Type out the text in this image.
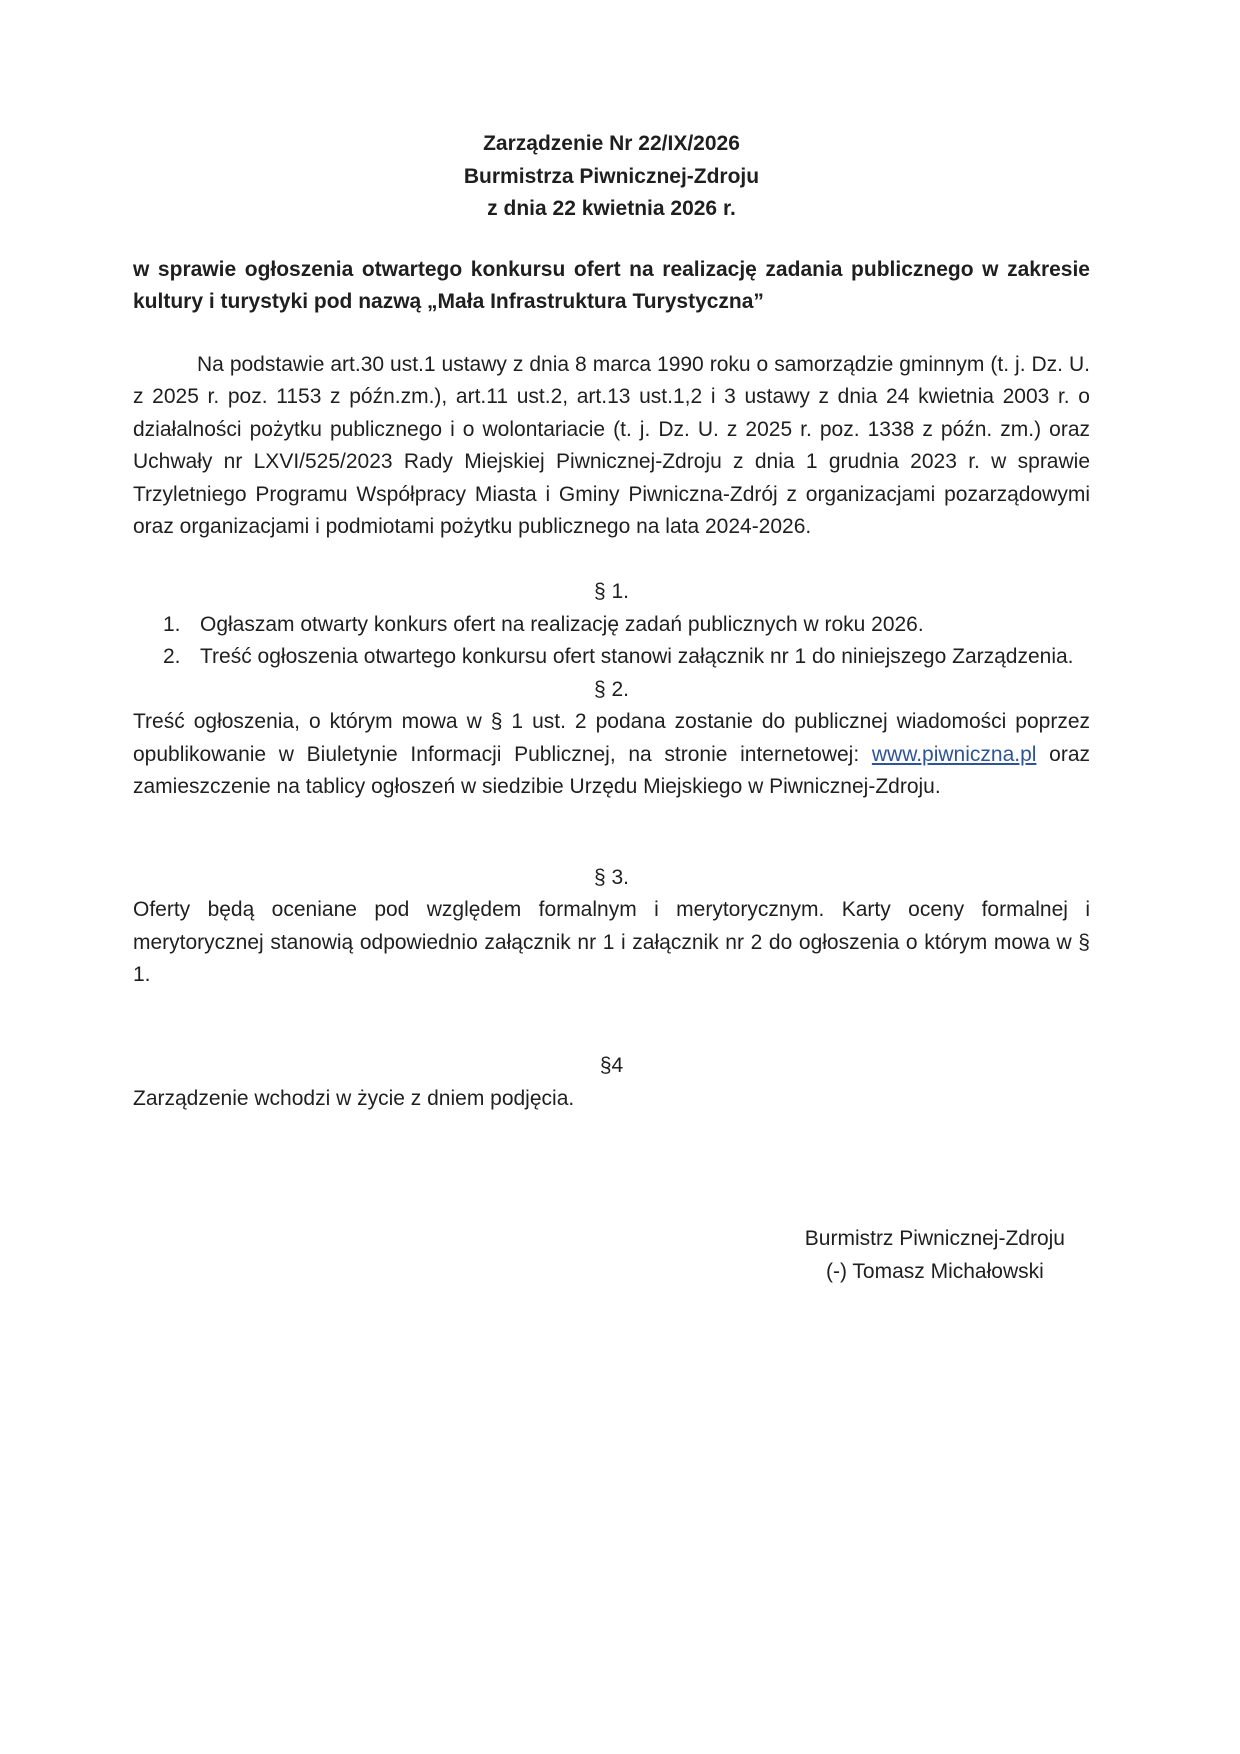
Zarządzenie Nr 22/IX/2026
Burmistrza Piwnicznej-Zdroju
z dnia 22 kwietnia 2026 r.

w sprawie ogłoszenia otwartego konkursu ofert na realizację zadania publicznego w zakresie kultury i turystyki pod nazwą „Mała Infrastruktura Turystyczna”

Na podstawie art.30 ust.1 ustawy z dnia 8 marca 1990 roku o samorządzie gminnym (t. j. Dz. U. z 2025 r. poz. 1153 z późn.zm.), art.11 ust.2, art.13 ust.1,2 i 3 ustawy z dnia 24 kwietnia 2003 r. o działalności pożytku publicznego i o wolontariacie (t. j. Dz. U. z 2025 r. poz. 1338 z późn. zm.) oraz Uchwały nr LXVI/525/2023 Rady Miejskiej Piwnicznej-Zdroju z dnia 1 grudnia 2023 r. w sprawie Trzyletniego Programu Współpracy Miasta i Gminy Piwniczna-Zdrój z organizacjami pozarządowymi oraz organizacjami i podmiotami pożytku publicznego na lata 2024-2026.

§ 1.
1. Ogłaszam otwarty konkurs ofert na realizację zadań publicznych w roku 2026.
2. Treść ogłoszenia otwartego konkursu ofert stanowi załącznik nr 1 do niniejszego Zarządzenia.
§ 2.

Treść ogłoszenia, o którym mowa w § 1 ust. 2 podana zostanie do publicznej wiadomości poprzez opublikowanie w Biuletynie Informacji Publicznej, na stronie internetowej: www.piwniczna.pl oraz zamieszczenie na tablicy ogłoszeń w siedzibie Urzędu Miejskiego w Piwnicznej-Zdroju.

§ 3.

Oferty będą oceniane pod względem formalnym i merytorycznym. Karty oceny formalnej i merytorycznej stanowią odpowiednio załącznik nr 1 i załącznik nr 2 do ogłoszenia o którym mowa w § 1.

§4

Zarządzenie wchodzi w życie z dniem podjęcia.

Burmistrz Piwnicznej-Zdroju
(-) Tomasz Michałowski
